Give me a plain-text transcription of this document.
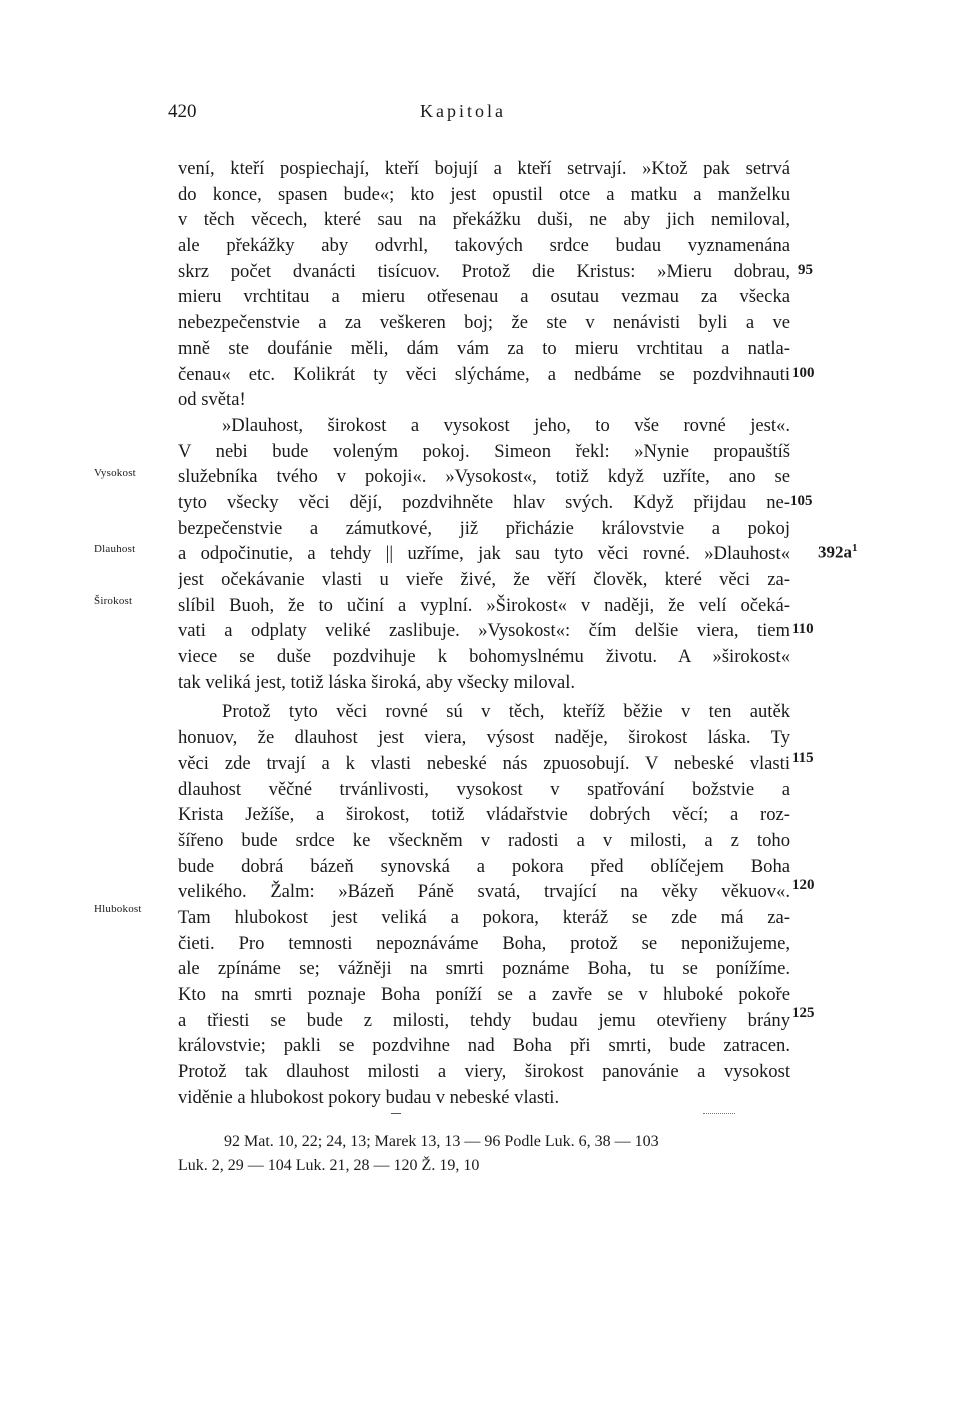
420	Kapitola
vení, kteří pospiechají, kteří bojují a kteří setrvají. »Ktož pak setrvá
do konce, spasen bude«; kto jest opustil otce a matku a manželku
v těch věcech, které sau na překážku duši, ne aby jich nemiloval,
ale překážky aby odvrhl, takových srdce budau vyznamenána
skrz počet dvanácti tisícuov. Protož die Kristus: »Mieru dobrau,
mieru vrchtitau a mieru otřesenau a osutau vezmau za všecka
nebezpečenstvie a za veškeren boj; že ste v nenávisti byli a ve
mně ste doufánie měli, dám vám za to mieru vrchtitau a natla-
čenau« etc. Kolikrát ty věci slýcháme, a nedbáme se pozdvihnauti
od světa!
»Dlauhost, širokost a vysokost jeho, to vše rovné jest«.
V nebi bude voleným pokoj. Simeon řekl: »Nynie propauštíš
služebníka tvého v pokoji«. »Vysokost«, totiž když uzříte, ano se
tyto všecky věci dějí, pozdvihněte hlav svých. Když přijdau ne-
bezpečenstvie a zámutkové, již přicházie královstvie a pokoj
a odpočinutie, a tehdy || uzříme, jak sau tyto věci rovné. »Dlauhost«
jest očekávanie vlasti u vieře živé, že věří člověk, které věci za-
slíbil Buoh, že to učiní a vyplní. »Širokost« v naději, že velí očeká-
vati a odplaty veliké zaslibuje. »Vysokost«: čím delšie viera, tiem
viece se duše pozdvihuje k bohomyslnému životu. A »širokost«
tak veliká jest, totiž láska široká, aby všecky miloval.
Protož tyto věci rovné sú v těch, kteříž běžie v ten autěk
honuov, že dlauhost jest viera, výsost naděje, širokost láska. Ty
věci zde trvají a k vlasti nebeské nás zpuosobují. V nebeské vlasti
dlauhost věčné trvánlivosti, vysokost v spatřování božstvie a
Krista Ježíše, a širokost, totiž vládařstvie dobrých věcí; a roz-
šířeno bude srdce ke všeckněm v radosti a v milosti, a z toho
bude dobrá bázeň synovská a pokora před oblíčejem Boha
velikého. Žalm: »Bázeň Páně svatá, trvající na věky věkuov«.
Tam hlubokost jest veliká a pokora, kteráž se zde má za-
čieti. Pro temnosti nepoznáváme Boha, protož se neponižujeme,
ale zpínáme se; vážněji na smrti poznáme Boha, tu se ponížíme.
Kto na smrti poznaje Boha poníží se a zavře se v hluboké pokoře
a třiesti se bude z milosti, tehdy budau jemu otevřieny brány
královstvie; pakli se pozdvihne nad Boha při smrti, bude zatracen.
Protož tak dlauhost milosti a viery, širokost panovánie a vysokost
viděnie a hlubokost pokory budau v nebeské vlasti.
95
100
105
110
115
120
125
$392a^1$
Vysokost
Dlauhost
Širokost
Hlubokost
92 Mat. 10, 22; 24, 13; Marek 13, 13 — 96 Podle Luk. 6, 38 — 103
Luk. 2, 29 — 104 Luk. 21, 28 — 120 Ž. 19, 10
